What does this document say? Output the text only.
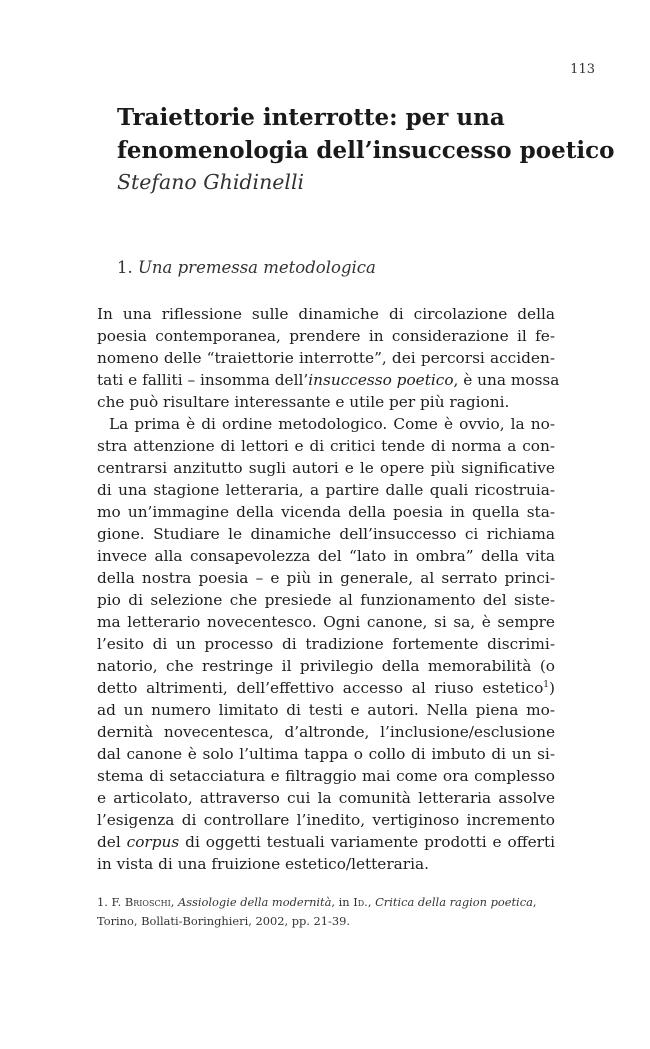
113
Traiettorie interrotte: per una
fenomenologia dell’insuccesso poetico
Stefano Ghidinelli
1. Una premessa metodologica
In una riflessione sulle dinamiche di circolazione della
poesia contemporanea, prendere in considerazione il fe-
nomeno delle “traiettorie interrotte”, dei percorsi acciden-
tati e falliti – insomma dell’insuccesso poetico, è una mossa
che può risultare interessante e utile per più ragioni.
La prima è di ordine metodologico. Come è ovvio, la no-
stra attenzione di lettori e di critici tende di norma a con-
centrarsi anzitutto sugli autori e le opere più significative
di una stagione letteraria, a partire dalle quali ricostruia-
mo un’immagine della vicenda della poesia in quella sta-
gione. Studiare le dinamiche dell’insuccesso ci richiama
invece alla consapevolezza del “lato in ombra” della vita
della nostra poesia – e più in generale, al serrato princi-
pio di selezione che presiede al funzionamento del siste-
ma letterario novecentesco. Ogni canone, si sa, è sempre
l’esito di un processo di tradizione fortemente discrimi-
natorio, che restringe il privilegio della memorabilità (o
detto altrimenti, dell’effettivo accesso al riuso estetico$^1$)
ad un numero limitato di testi e autori. Nella piena mo-
dernità novecentesca, d’altronde, l’inclusione/esclusione
dal canone è solo l’ultima tappa o collo di imbuto di un si-
stema di setacciatura e filtraggio mai come ora complesso
e articolato, attraverso cui la comunità letteraria assolve
l’esigenza di controllare l’inedito, vertiginoso incremento
del corpus di oggetti testuali variamente prodotti e offerti
in vista di una fruizione estetico/letteraria.
1. F. Brioschi, Assiologie della modernità, in Id., Critica della ragion poetica,
Torino, Bollati-Boringhieri, 2002, pp. 21-39.
